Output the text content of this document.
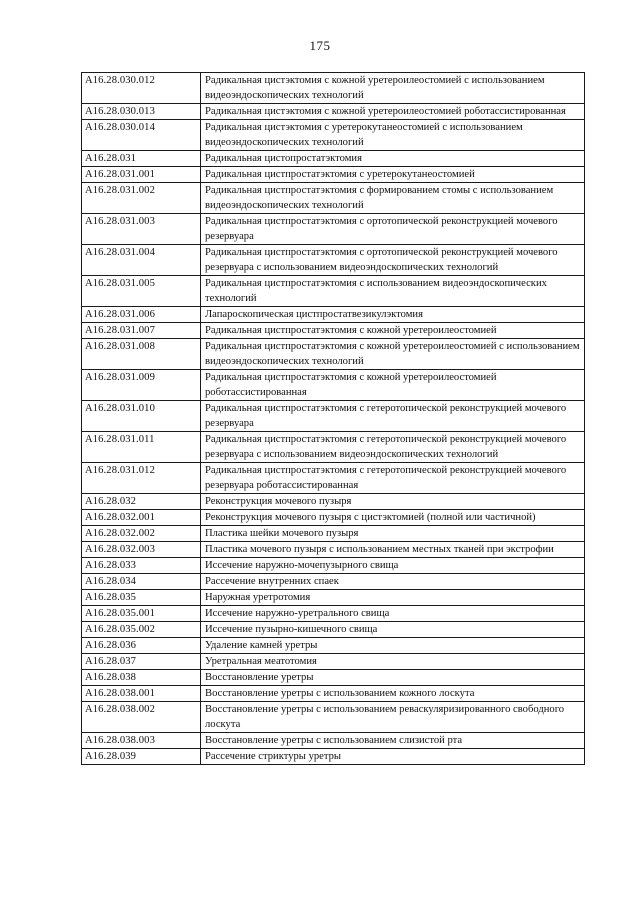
175
A16.28.030.012	Радикальная цистэктомия с кожной уретероилеостомией с использованием видеоэндоскопических технологий
A16.28.030.013	Радикальная цистэктомия с кожной уретероилеостомией роботассистированная
A16.28.030.014	Радикальная цистэктомия с уретерокутанеостомией с использованием видеоэндоскопических технологий
A16.28.031	Радикальная цистопростатэктомия
A16.28.031.001	Радикальная цистпростатэктомия с уретерокутанеостомией
A16.28.031.002	Радикальная цистпростатэктомия с формированием стомы с использованием видеоэндоскопических технологий
A16.28.031.003	Радикальная цистпростатэктомия с ортотопической реконструкцией мочевого резервуара
A16.28.031.004	Радикальная цистпростатэктомия с ортотопической реконструкцией мочевого резервуара с использованием видеоэндоскопических технологий
A16.28.031.005	Радикальная цистпростатэктомия с использованием видеоэндоскопических технологий
A16.28.031.006	Лапароскопическая цистпростатвезикулэктомия
A16.28.031.007	Радикальная цистпростатэктомия с кожной уретероилеостомией
A16.28.031.008	Радикальная цистпростатэктомия с кожной уретероилеостомией с использованием видеоэндоскопических технологий
A16.28.031.009	Радикальная цистпростатэктомия с кожной уретероилеостомией роботассистированная
A16.28.031.010	Радикальная цистпростатэктомия с гетеротопической реконструкцией мочевого резервуара
A16.28.031.011	Радикальная цистпростатэктомия с гетеротопической реконструкцией мочевого резервуара с использованием видеоэндоскопических технологий
A16.28.031.012	Радикальная цистпростатэктомия с гетеротопической реконструкцией мочевого резервуара роботассистированная
A16.28.032	Реконструкция мочевого пузыря
A16.28.032.001	Реконструкция мочевого пузыря с цистэктомией (полной или частичной)
A16.28.032.002	Пластика шейки мочевого пузыря
A16.28.032.003	Пластика мочевого пузыря с использованием местных тканей при экстрофии
A16.28.033	Иссечение наружно-мочепузырного свища
A16.28.034	Рассечение внутренних спаек
A16.28.035	Наружная уретротомия
A16.28.035.001	Иссечение наружно-уретрального свища
A16.28.035.002	Иссечение пузырно-кишечного свища
A16.28.036	Удаление камней уретры
A16.28.037	Уретральная меатотомия
A16.28.038	Восстановление уретры
A16.28.038.001	Восстановление уретры с использованием кожного лоскута
A16.28.038.002	Восстановление уретры с использованием реваскуляризированного свободного лоскута
A16.28.038.003	Восстановление уретры с использованием слизистой рта
A16.28.039	Рассечение стриктуры уретры
